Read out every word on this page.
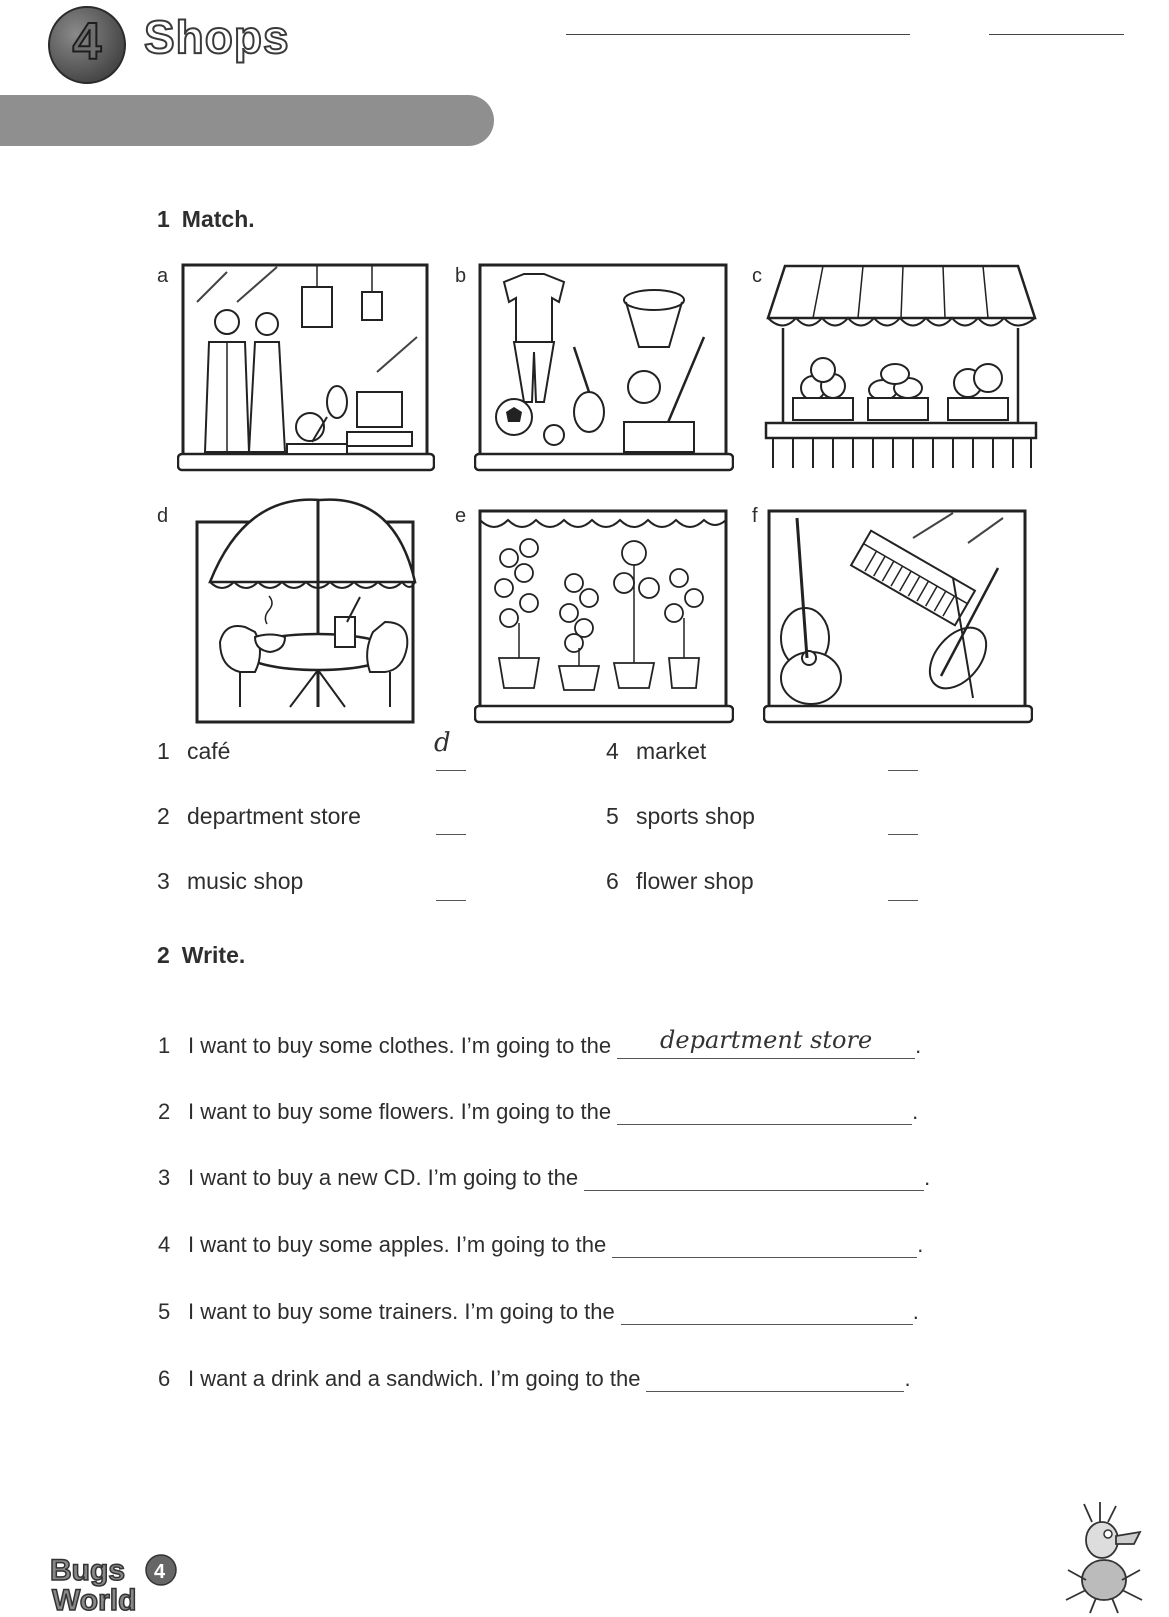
4 Shops
1 Match.
a	b	c
d	e	f
1 café	d
2 department store
3 music shop
4 market
5 sports shop
6 flower shop
2 Write.
1 I want to buy some clothes. I’m going to the	department store	.
2 I want to buy some flowers. I’m going to the	.
3 I want to buy a new CD. I’m going to the	.
4 I want to buy some apples. I’m going to the	.
5 I want to buy some trainers. I’m going to the	.
6 I want a drink and a sandwich. I’m going to the	.
Bugs
World
4
